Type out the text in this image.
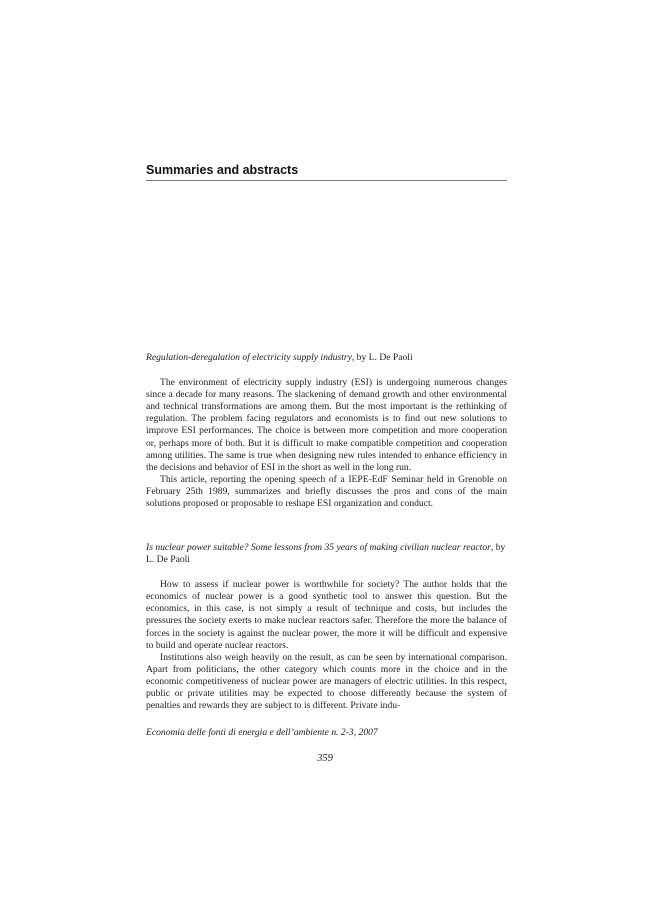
Summaries and abstracts

Regulation-deregulation of electricity supply industry, by L. De Paoli

The environment of electricity supply industry (ESI) is undergoing numerous changes since a decade for many reasons. The slackening of demand growth and other environmental and technical transformations are among them. But the most important is the rethinking of regulation. The problem facing regulators and economists is to find out new solutions to improve ESI performances. The choice is between more competition and more cooperation or, perhaps more of both. But it is difficult to make compatible competition and cooperation among utilities. The same is true when designing new rules intended to enhance efficiency in the decisions and behavior of ESI in the short as well in the long run.

This article, reporting the opening speech of a IEPE-EdF Seminar held in Grenoble on February 25th 1989, summarizes and briefly discusses the pros and cons of the main solutions proposed or proposable to reshape ESI organization and conduct.

Is nuclear power suitable? Some lessons from 35 years of making civilian nuclear reactor, by L. De Paoli

How to assess if nuclear power is worthwhile for society? The author holds that the economics of nuclear power is a good synthetic tool to answer this question. But the economics, in this case, is not simply a result of technique and costs, but includes the pressures the society exerts to make nuclear reactors safer. Therefore the more the balance of forces in the society is against the nuclear power, the more it will be difficult and expensive to build and operate nuclear reactors.

Institutions also weigh heavily on the result, as can be seen by international comparison. Apart from politicians, the other category which counts more in the choice and in the economic competitiveness of nuclear power are managers of electric utilities. In this respect, public or private utilities may be expected to choose differently because the system of penalties and rewards they are subject to is different. Private indu-

Economia delle fonti di energia e dell’ambiente n. 2-3, 2007

359
